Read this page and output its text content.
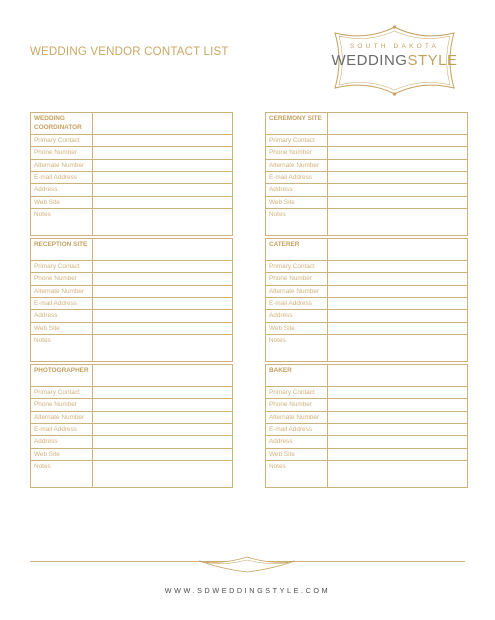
WEDDING VENDOR CONTACT LIST	SOUTH DAKOTA
WEDDINGSTYLE
WEDDING COORDINATOR
Primary Contact
Phone Number
Alternate Number
E-mail Address
Address
Web Site
Notes
CEREMONY SITE
Primary Contact
Phone Number
Alternate Number
E-mail Address
Address
Web Site
Notes
RECEPTION SITE
Primary Contact
Phone Number
Alternate Number
E-mail Address
Address
Web Site
Notes
CATERER
Primary Contact
Phone Number
Alternate Number
E-mail Address
Address
Web Site
Notes
PHOTOGRAPHER
Primary Contact
Phone Number
Alternate Number
E-mail Address
Address
Web Site
Notes
BAKER
Primary Contact
Phone Number
Alternate Number
E-mail Address
Address
Web Site
Notes
WWW.SDWEDDINGSTYLE.COM
